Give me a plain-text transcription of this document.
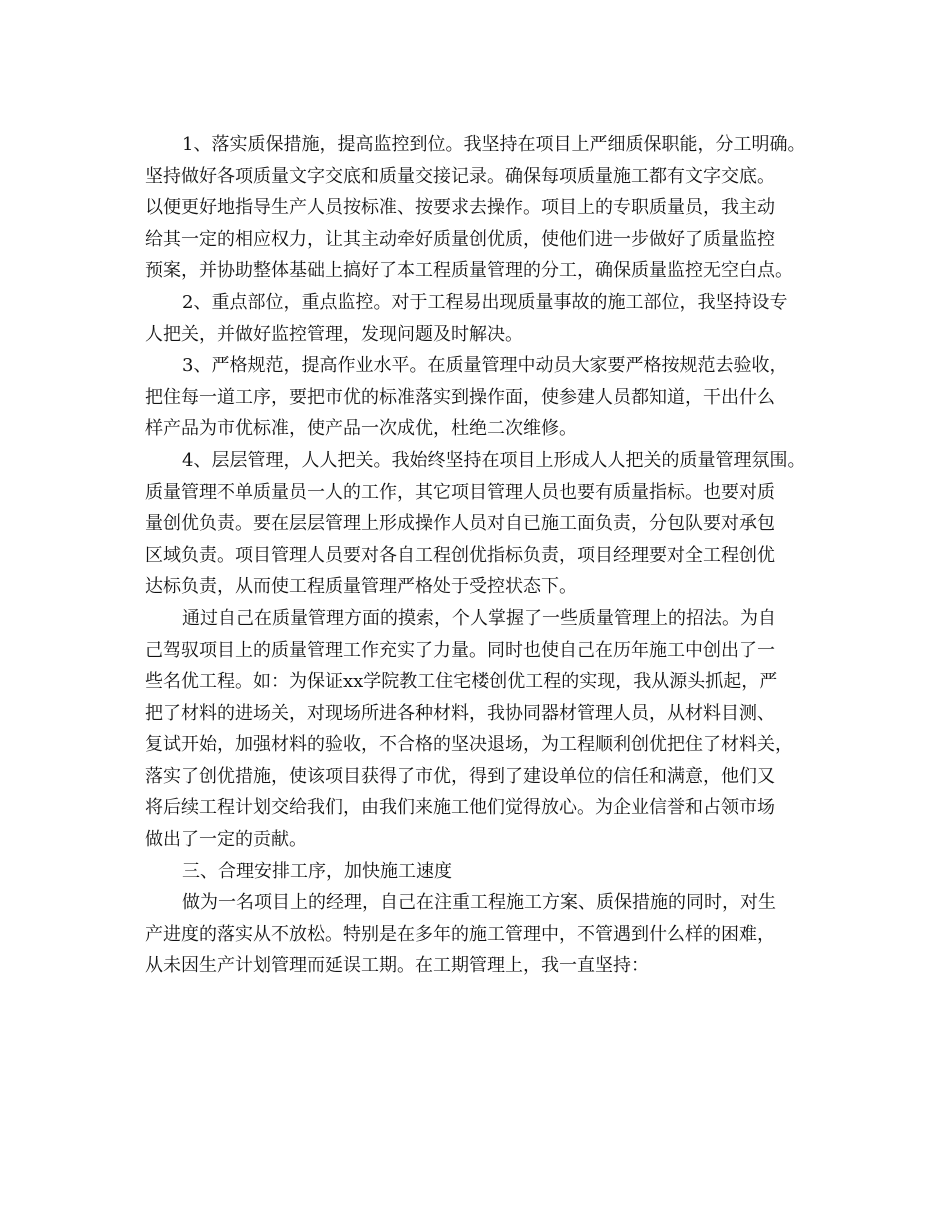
1、落实质保措施，提高监控到位。我坚持在项目上严细质保职能，分工明确。
坚持做好各项质量文字交底和质量交接记录。确保每项质量施工都有文字交底。
以便更好地指导生产人员按标准、按要求去操作。项目上的专职质量员，我主动
给其一定的相应权力，让其主动牵好质量创优质，使他们进一步做好了质量监控
预案，并协助整体基础上搞好了本工程质量管理的分工，确保质量监控无空白点。
2、重点部位，重点监控。对于工程易出现质量事故的施工部位，我坚持设专
人把关，并做好监控管理，发现问题及时解决。
3、严格规范，提高作业水平。在质量管理中动员大家要严格按规范去验收，
把住每一道工序，要把市优的标准落实到操作面，使参建人员都知道，干出什么
样产品为市优标准，使产品一次成优，杜绝二次维修。
4、层层管理，人人把关。我始终坚持在项目上形成人人把关的质量管理氛围。
质量管理不单质量员一人的工作，其它项目管理人员也要有质量指标。也要对质
量创优负责。要在层层管理上形成操作人员对自已施工面负责，分包队要对承包
区域负责。项目管理人员要对各自工程创优指标负责，项目经理要对全工程创优
达标负责，从而使工程质量管理严格处于受控状态下。
通过自己在质量管理方面的摸索，个人掌握了一些质量管理上的招法。为自
己驾驭项目上的质量管理工作充实了力量。同时也使自己在历年施工中创出了一
些名优工程。如：为保证xx学院教工住宅楼创优工程的实现，我从源头抓起，严
把了材料的进场关，对现场所进各种材料，我协同器材管理人员，从材料目测、
复试开始，加强材料的验收，不合格的坚决退场，为工程顺利创优把住了材料关，
落实了创优措施，使该项目获得了市优，得到了建设单位的信任和满意，他们又
将后续工程计划交给我们，由我们来施工他们觉得放心。为企业信誉和占领市场
做出了一定的贡献。
三、合理安排工序，加快施工速度
做为一名项目上的经理，自己在注重工程施工方案、质保措施的同时，对生
产进度的落实从不放松。特别是在多年的施工管理中，不管遇到什么样的困难，
从未因生产计划管理而延误工期。在工期管理上，我一直坚持：
